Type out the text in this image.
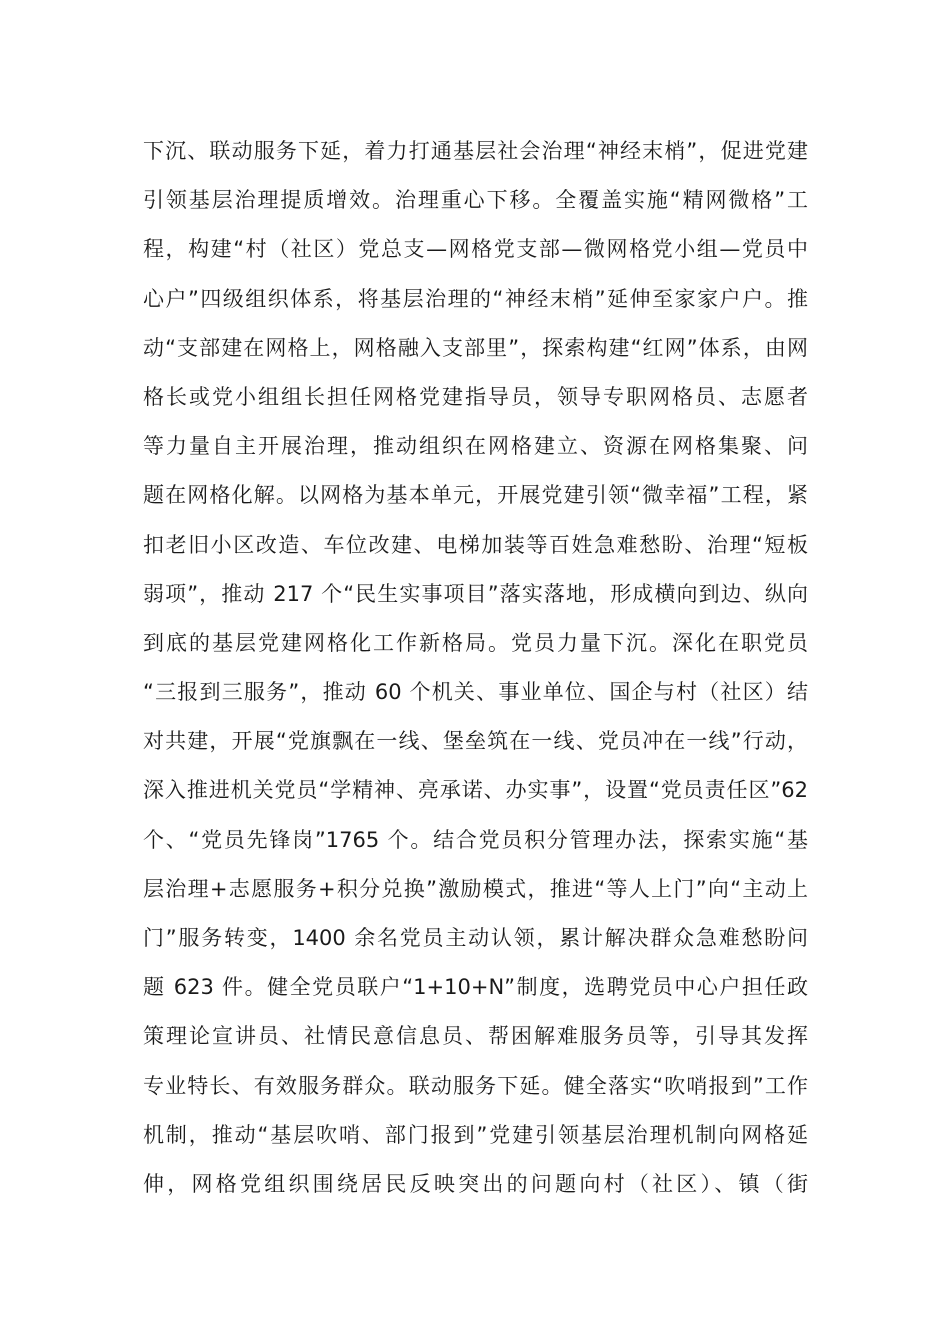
下沉、联动服务下延，着力打通基层社会治理“神经末梢”，促进党建
引领基层治理提质增效。治理重心下移。全覆盖实施“精网微格”工
程，构建“村（社区）党总支—网格党支部—微网格党小组—党员中
心户”四级组织体系，将基层治理的“神经末梢”延伸至家家户户。推
动“支部建在网格上，网格融入支部里”，探索构建“红网”体系，由网
格长或党小组组长担任网格党建指导员，领导专职网格员、志愿者
等力量自主开展治理，推动组织在网格建立、资源在网格集聚、问
题在网格化解。以网格为基本单元，开展党建引领“微幸福”工程，紧
扣老旧小区改造、车位改建、电梯加装等百姓急难愁盼、治理“短板
弱项”，推动 217 个“民生实事项目”落实落地，形成横向到边、纵向
到底的基层党建网格化工作新格局。党员力量下沉。深化在职党员
“三报到三服务”，推动 60 个机关、事业单位、国企与村（社区）结
对共建，开展“党旗飘在一线、堡垒筑在一线、党员冲在一线”行动，
深入推进机关党员“学精神、亮承诺、办实事”，设置“党员责任区”62
个、“党员先锋岗”1765 个。结合党员积分管理办法，探索实施“基
层治理+志愿服务+积分兑换”激励模式，推进“等人上门”向“主动上
门”服务转变，1400 余名党员主动认领，累计解决群众急难愁盼问
题 623 件。健全党员联户“1+10+N”制度，选聘党员中心户担任政
策理论宣讲员、社情民意信息员、帮困解难服务员等，引导其发挥
专业特长、有效服务群众。联动服务下延。健全落实“吹哨报到”工作
机制，推动“基层吹哨、部门报到”党建引领基层治理机制向网格延
伸，网格党组织围绕居民反映突出的问题向村（社区）、镇（街
